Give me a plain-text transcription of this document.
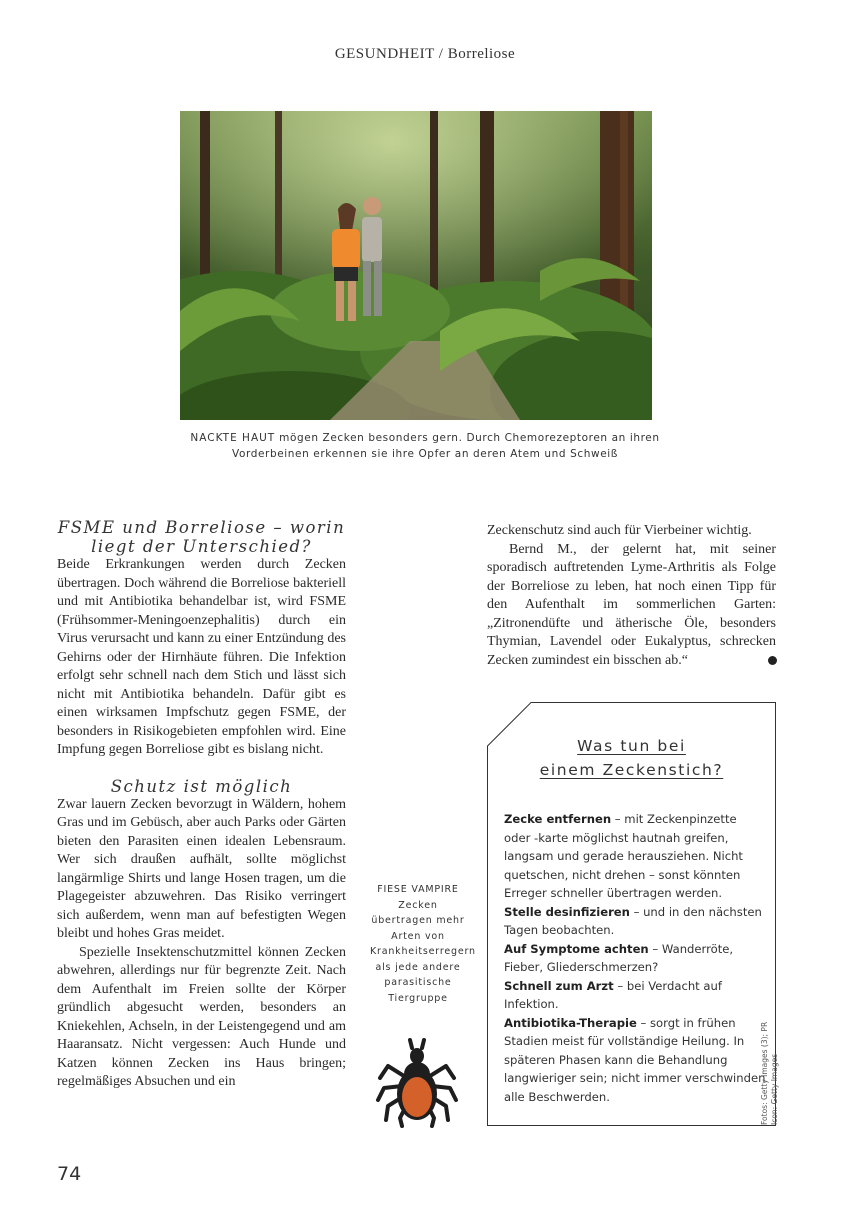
GESUNDHEIT / Borreliose
NACKTE HAUT mögen Zecken besonders gern. Durch Chemorezeptoren an ihren Vorderbeinen erkennen sie ihre Opfer an deren Atem und Schweiß
FSME und Borreliose – worin liegt der Unterschied?

Beide Erkrankungen werden durch Zecken übertragen. Doch während die Borreliose bakteriell und mit Antibiotika behandelbar ist, wird FSME (Frühsommer-Meningoenzephalitis) durch ein Virus verursacht und kann zu einer Entzündung des Gehirns oder der Hirnhäute führen. Die Infektion erfolgt sehr schnell nach dem Stich und lässt sich nicht mit Antibiotika behandeln. Dafür gibt es einen wirksamen Impfschutz gegen FSME, der besonders in Risikogebieten empfohlen wird. Eine Impfung gegen Borreliose gibt es bislang nicht.

Schutz ist möglich

Zwar lauern Zecken bevorzugt in Wäldern, hohem Gras und im Gebüsch, aber auch Parks oder Gärten bieten den Parasiten einen idealen Lebensraum. Wer sich draußen aufhält, sollte möglichst langärmlige Shirts und lange Hosen tragen, um die Plagegeister abzuwehren. Das Risiko verringert sich außerdem, wenn man auf befestigten Wegen bleibt und hohes Gras meidet.

Spezielle Insektenschutzmittel können Zecken abwehren, allerdings nur für begrenzte Zeit. Nach dem Aufenthalt im Freien sollte der Körper gründlich abgesucht werden, besonders an Kniekehlen, Achseln, in der Leistengegend und am Haaransatz. Nicht vergessen: Auch Hunde und Katzen können Zecken ins Haus bringen; regelmäßiges Absuchen und ein

FIESE VAMPIRE
Zecken übertragen mehr Arten von Krankheitserregern als jede andere parasitische Tiergruppe

Zeckenschutz sind auch für Vierbeiner wichtig.

Bernd M., der gelernt hat, mit seiner sporadisch auftretenden Lyme-Arthritis als Folge der Borreliose zu leben, hat noch einen Tipp für den Aufenthalt im sommerlichen Garten: „Zitronendüfte und ätherische Öle, besonders Thymian, Lavendel oder Eukalyptus, schrecken Zecken zumindest ein bisschen ab.“

Was tun bei
einem Zeckenstich?

Zecke entfernen – mit Zeckenpinzette oder -karte möglichst hautnah greifen, langsam und gerade herausziehen. Nicht quetschen, nicht drehen – sonst könnten Erreger schneller übertragen werden.

Stelle desinfizieren – und in den nächsten Tagen beobachten.

Auf Symptome achten – Wanderröte, Fieber, Gliederschmerzen?

Schnell zum Arzt – bei Verdacht auf Infektion.

Antibiotika-Therapie – sorgt in frühen Stadien meist für vollständige Heilung. In späteren Phasen kann die Behandlung langwieriger sein; nicht immer verschwinden alle Beschwerden.	Fotos: Getty Images (3); PR Icon: Getty Images
74
